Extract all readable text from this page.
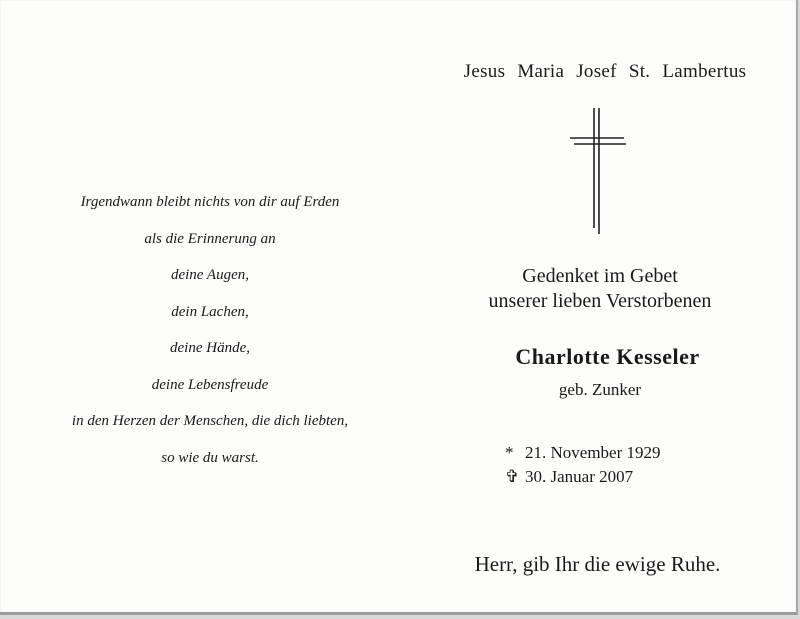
Irgendwann bleibt nichts von dir auf Erden
als die Erinnerung an
deine Augen,
dein Lachen,
deine Hände,
deine Lebensfreude
in den Herzen der Menschen, die dich liebten,
so wie du warst.
Jesus Maria Josef St. Lambertus
Gedenket im Gebet
unserer lieben Verstorbenen
Charlotte Kesseler
geb. Zunker
* 21. November 1929
✞ 30. Januar 2007
Herr, gib Ihr die ewige Ruhe.
